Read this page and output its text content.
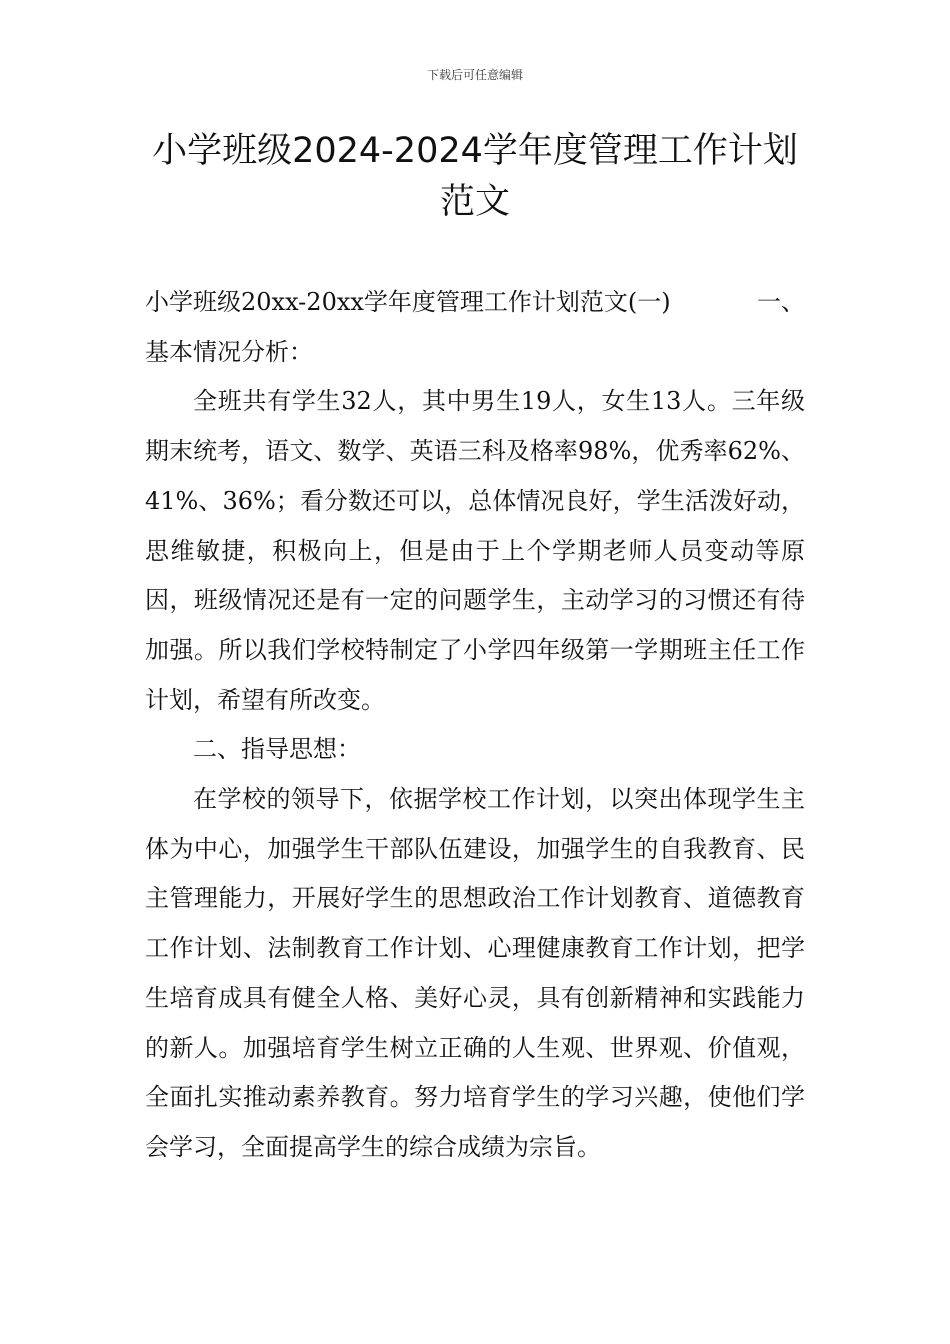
下载后可任意编辑
小学班级2024-2024学年度管理工作计划
范文
小学班级20xx-20xx学年度管理工作计划范文(一)	一、

基本情况分析：

全班共有学生32人，其中男生19人，女生13人。三年级期末统考，语文、数学、英语三科及格率98%，优秀率62%、41%、36%；看分数还可以，总体情况良好，学生活泼好动，思维敏捷，积极向上，但是由于上个学期老师人员变动等原因，班级情况还是有一定的问题学生，主动学习的习惯还有待加强。所以我们学校特制定了小学四年级第一学期班主任工作计划，希望有所改变。

二、指导思想：

在学校的领导下，依据学校工作计划，以突出体现学生主体为中心，加强学生干部队伍建设，加强学生的自我教育、民主管理能力，开展好学生的思想政治工作计划教育、道德教育工作计划、法制教育工作计划、心理健康教育工作计划，把学生培育成具有健全人格、美好心灵，具有创新精神和实践能力的新人。加强培育学生树立正确的人生观、世界观、价值观，全面扎实推动素养教育。努力培育学生的学习兴趣，使他们学会学习，全面提高学生的综合成绩为宗旨。
